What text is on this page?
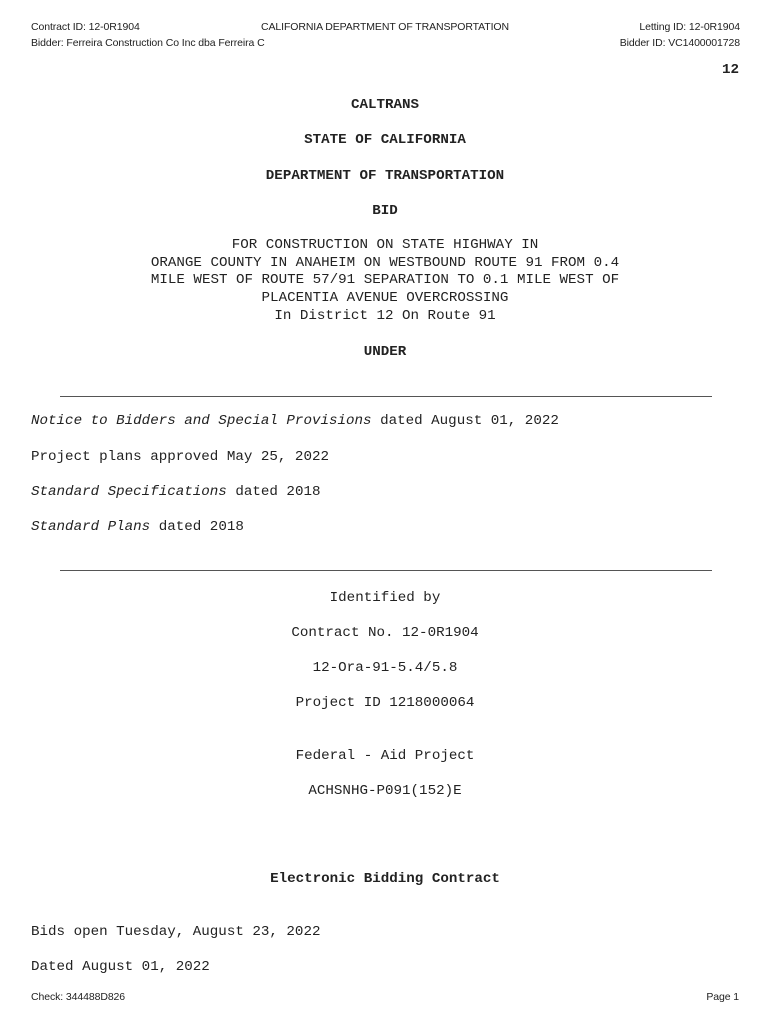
Contract ID: 12-0R1904	CALIFORNIA DEPARTMENT OF TRANSPORTATION	Letting ID: 12-0R1904
Bidder: Ferreira Construction Co Inc dba Ferreira C	Bidder ID: VC1400001728
12
CALTRANS
STATE OF CALIFORNIA
DEPARTMENT OF TRANSPORTATION
BID
FOR CONSTRUCTION ON STATE HIGHWAY IN
ORANGE COUNTY IN ANAHEIM ON WESTBOUND ROUTE 91 FROM 0.4
MILE WEST OF ROUTE 57/91 SEPARATION TO 0.1 MILE WEST OF
PLACENTIA AVENUE OVERCROSSING
In District 12 On Route 91
UNDER
Notice to Bidders and Special Provisions dated August 01, 2022
Project plans approved May 25, 2022
Standard Specifications dated 2018
Standard Plans dated 2018
Identified by
Contract No. 12-0R1904
12-Ora-91-5.4/5.8
Project ID 1218000064
Federal - Aid Project
ACHSNHG-P091(152)E
Electronic Bidding Contract
Bids open Tuesday, August 23, 2022
Dated August 01, 2022
Check: 344488D826	Page 1
